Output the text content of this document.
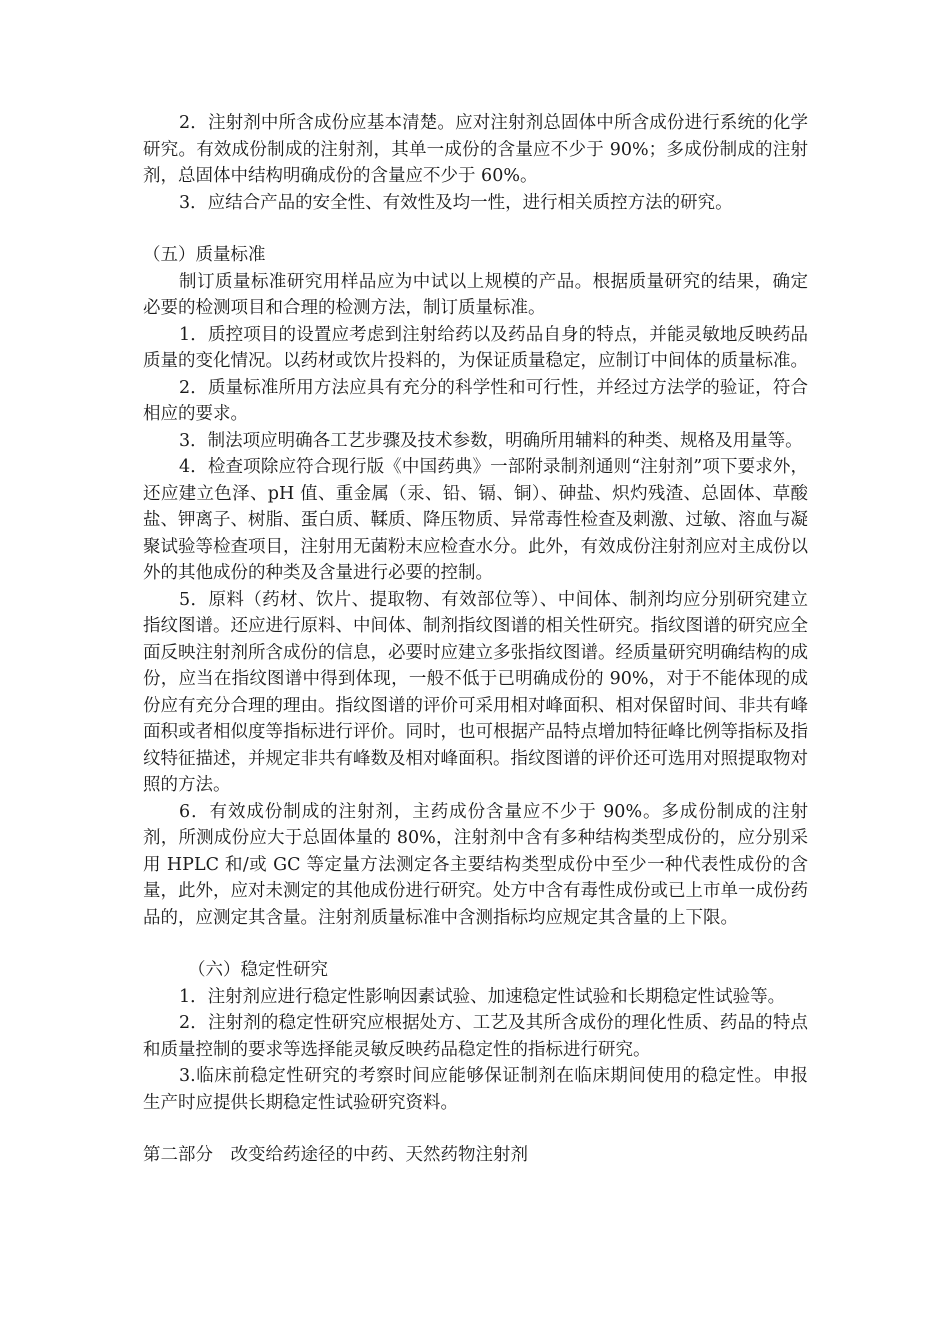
2．注射剂中所含成份应基本清楚。应对注射剂总固体中所含成份进行系统的化学研究。有效成份制成的注射剂，其单一成份的含量应不少于 90%；多成份制成的注射剂，总固体中结构明确成份的含量应不少于 60%。

3．应结合产品的安全性、有效性及均一性，进行相关质控方法的研究。

（五）质量标准

制订质量标准研究用样品应为中试以上规模的产品。根据质量研究的结果，确定必要的检测项目和合理的检测方法，制订质量标准。

1．质控项目的设置应考虑到注射给药以及药品自身的特点，并能灵敏地反映药品质量的变化情况。以药材或饮片投料的，为保证质量稳定，应制订中间体的质量标准。

2．质量标准所用方法应具有充分的科学性和可行性，并经过方法学的验证，符合相应的要求。

3．制法项应明确各工艺步骤及技术参数，明确所用辅料的种类、规格及用量等。

4．检查项除应符合现行版《中国药典》一部附录制剂通则“注射剂”项下要求外，还应建立色泽、pH 值、重金属（汞、铅、镉、铜）、砷盐、炽灼残渣、总固体、草酸盐、钾离子、树脂、蛋白质、鞣质、降压物质、异常毒性检查及刺激、过敏、溶血与凝聚试验等检查项目，注射用无菌粉末应检查水分。此外，有效成份注射剂应对主成份以外的其他成份的种类及含量进行必要的控制。

5．原料（药材、饮片、提取物、有效部位等）、中间体、制剂均应分别研究建立指纹图谱。还应进行原料、中间体、制剂指纹图谱的相关性研究。指纹图谱的研究应全面反映注射剂所含成份的信息，必要时应建立多张指纹图谱。经质量研究明确结构的成份，应当在指纹图谱中得到体现，一般不低于已明确成份的 90%，对于不能体现的成份应有充分合理的理由。指纹图谱的评价可采用相对峰面积、相对保留时间、非共有峰面积或者相似度等指标进行评价。同时，也可根据产品特点增加特征峰比例等指标及指纹特征描述，并规定非共有峰数及相对峰面积。指纹图谱的评价还可选用对照提取物对照的方法。

6．有效成份制成的注射剂，主药成份含量应不少于 90%。多成份制成的注射剂，所测成份应大于总固体量的 80%，注射剂中含有多种结构类型成份的，应分别采用 HPLC 和/或 GC 等定量方法测定各主要结构类型成份中至少一种代表性成份的含量，此外，应对未测定的其他成份进行研究。处方中含有毒性成份或已上市单一成份药品的，应测定其含量。注射剂质量标准中含测指标均应规定其含量的上下限。

（六）稳定性研究

1．注射剂应进行稳定性影响因素试验、加速稳定性试验和长期稳定性试验等。

2．注射剂的稳定性研究应根据处方、工艺及其所含成份的理化性质、药品的特点和质量控制的要求等选择能灵敏反映药品稳定性的指标进行研究。

3.临床前稳定性研究的考察时间应能够保证制剂在临床期间使用的稳定性。申报生产时应提供长期稳定性试验研究资料。

第二部分　改变给药途径的中药、天然药物注射剂
